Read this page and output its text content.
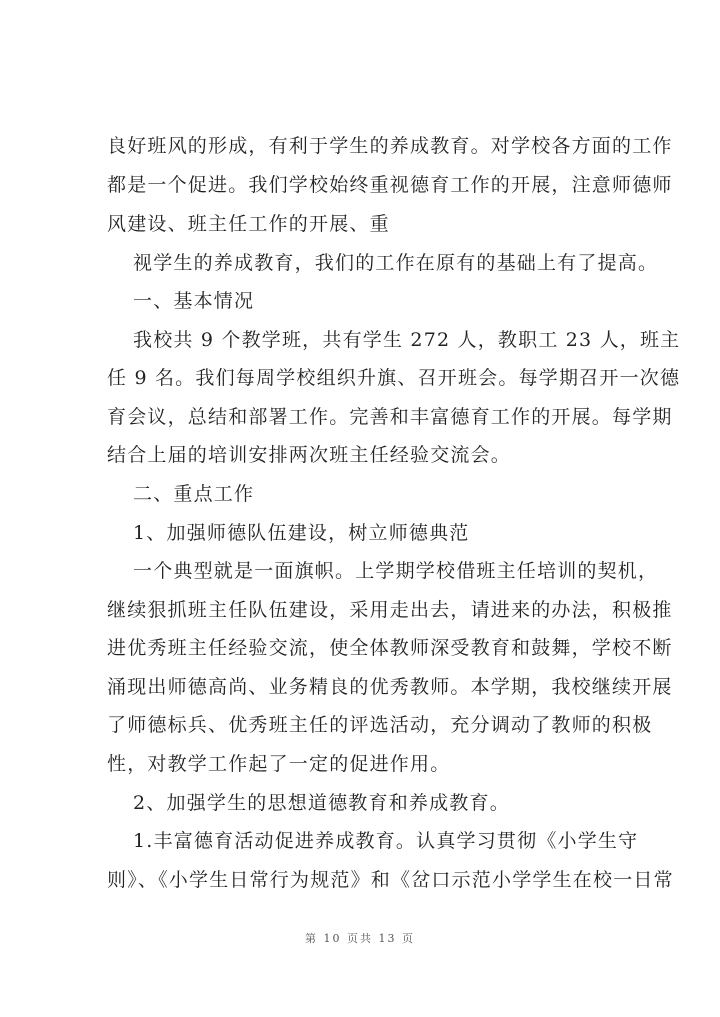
良好班风的形成，有利于学生的养成教育。对学校各方面的工作
都是一个促进。我们学校始终重视德育工作的开展，注意师德师
风建设、班主任工作的开展、重
视学生的养成教育，我们的工作在原有的基础上有了提高。
一、基本情况
我校共 9 个教学班，共有学生 272 人，教职工 23 人，班主
任 9 名。我们每周学校组织升旗、召开班会。每学期召开一次德
育会议，总结和部署工作。完善和丰富德育工作的开展。每学期
结合上届的培训安排两次班主任经验交流会。
二、重点工作
1、加强师德队伍建设，树立师德典范
一个典型就是一面旗帜。上学期学校借班主任培训的契机，
继续狠抓班主任队伍建设，采用走出去，请进来的办法，积极推
进优秀班主任经验交流，使全体教师深受教育和鼓舞，学校不断
涌现出师德高尚、业务精良的优秀教师。本学期，我校继续开展
了师德标兵、优秀班主任的评选活动，充分调动了教师的积极
性，对教学工作起了一定的促进作用。
2、加强学生的思想道德教育和养成教育。
1.丰富德育活动促进养成教育。认真学习贯彻《小学生守
则》、《小学生日常行为规范》和《岔口示范小学学生在校一日常
第 10 页共 13 页
